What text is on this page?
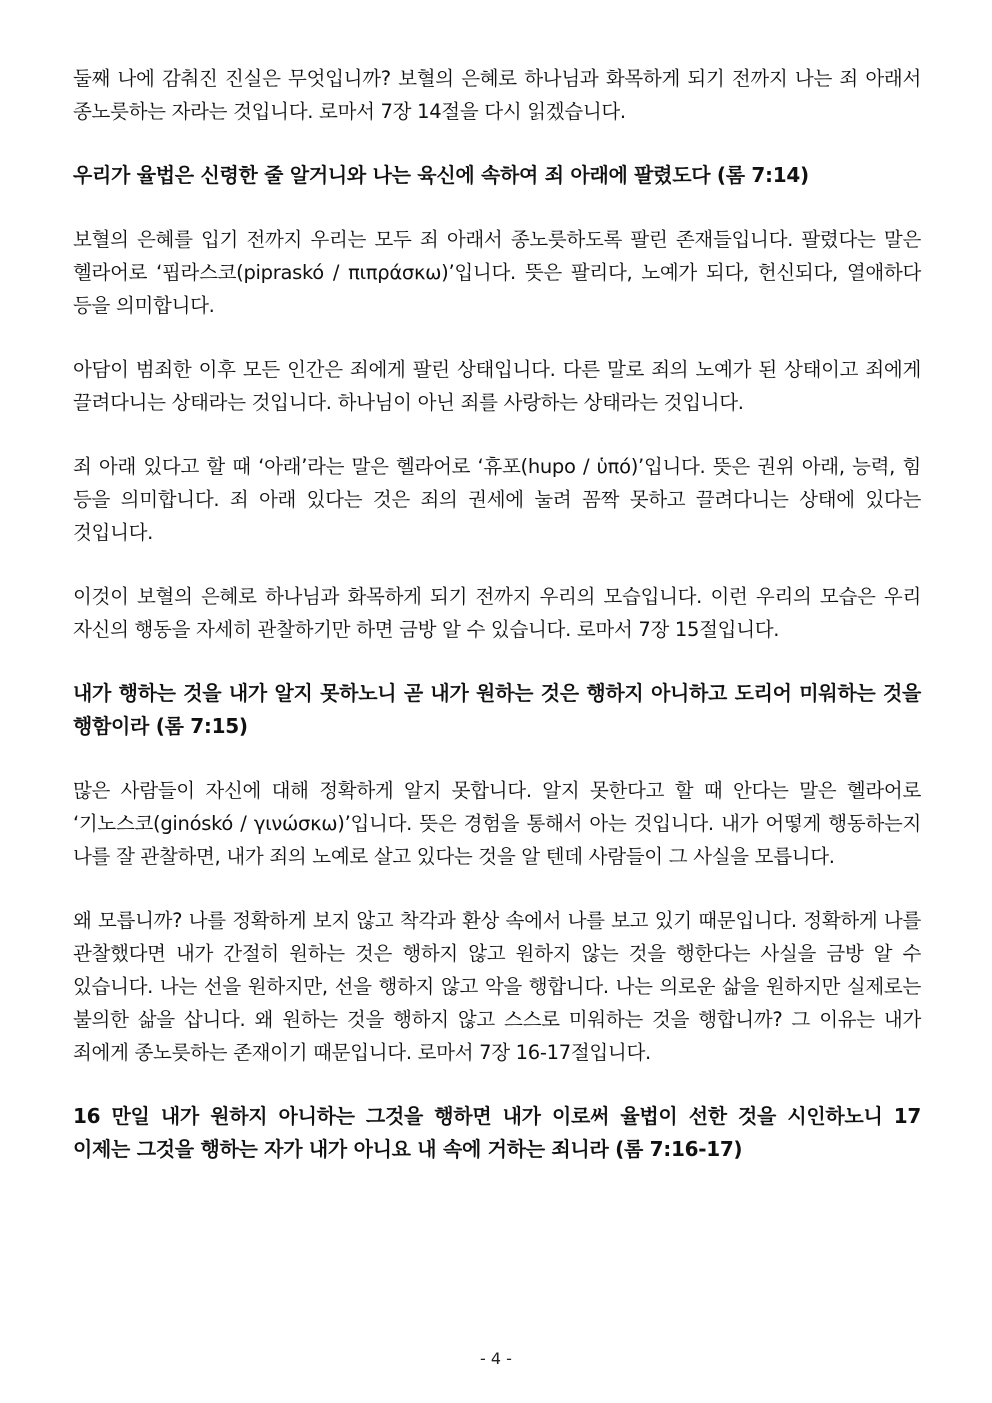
둘째 나에 감춰진 진실은 무엇입니까? 보혈의 은혜로 하나님과 화목하게 되기 전까지 나는 죄 아래서 종노릇하는 자라는 것입니다. 로마서 7장 14절을 다시 읽겠습니다.

우리가 율법은 신령한 줄 알거니와 나는 육신에 속하여 죄 아래에 팔렸도다 (롬 7:14)

보혈의 은혜를 입기 전까지 우리는 모두 죄 아래서 종노릇하도록 팔린 존재들입니다. 팔렸다는 말은 헬라어로 ‘핍라스코(pipraskó / πιπράσκω)’입니다. 뜻은 팔리다, 노예가 되다, 헌신되다, 열애하다 등을 의미합니다.

아담이 범죄한 이후 모든 인간은 죄에게 팔린 상태입니다. 다른 말로 죄의 노예가 된 상태이고 죄에게 끌려다니는 상태라는 것입니다. 하나님이 아닌 죄를 사랑하는 상태라는 것입니다.

죄 아래 있다고 할 때 ‘아래’라는 말은 헬라어로 ‘휴포(hupo / ὑπό)’입니다. 뜻은 권위 아래, 능력, 힘 등을 의미합니다. 죄 아래 있다는 것은 죄의 권세에 눌려 꼼짝 못하고 끌려다니는 상태에 있다는 것입니다.

이것이 보혈의 은혜로 하나님과 화목하게 되기 전까지 우리의 모습입니다. 이런 우리의 모습은 우리 자신의 행동을 자세히 관찰하기만 하면 금방 알 수 있습니다. 로마서 7장 15절입니다.

내가 행하는 것을 내가 알지 못하노니 곧 내가 원하는 것은 행하지 아니하고 도리어 미워하는 것을 행함이라 (롬 7:15)

많은 사람들이 자신에 대해 정확하게 알지 못합니다. 알지 못한다고 할 때 안다는 말은 헬라어로 ‘기노스코(ginóskó / γινώσκω)’입니다. 뜻은 경험을 통해서 아는 것입니다. 내가 어떻게 행동하는지 나를 잘 관찰하면, 내가 죄의 노예로 살고 있다는 것을 알 텐데 사람들이 그 사실을 모릅니다.

왜 모릅니까? 나를 정확하게 보지 않고 착각과 환상 속에서 나를 보고 있기 때문입니다. 정확하게 나를 관찰했다면 내가 간절히 원하는 것은 행하지 않고 원하지 않는 것을 행한다는 사실을 금방 알 수 있습니다. 나는 선을 원하지만, 선을 행하지 않고 악을 행합니다. 나는 의로운 삶을 원하지만 실제로는 불의한 삶을 삽니다. 왜 원하는 것을 행하지 않고 스스로 미워하는 것을 행합니까? 그 이유는 내가 죄에게 종노릇하는 존재이기 때문입니다. 로마서 7장 16-17절입니다.

16 만일 내가 원하지 아니하는 그것을 행하면 내가 이로써 율법이 선한 것을 시인하노니 17 이제는 그것을 행하는 자가 내가 아니요 내 속에 거하는 죄니라 (롬 7:16-17)

- 4 -
